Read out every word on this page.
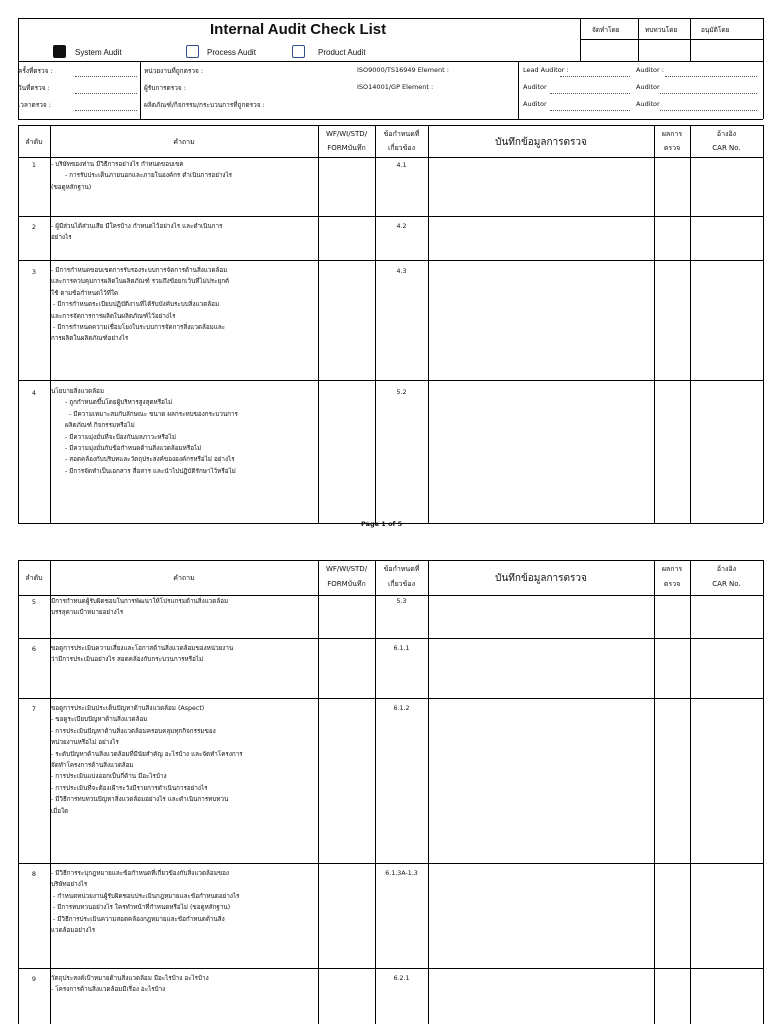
Internal Audit Check List	จัดทำโดย	ทบทวนโดย	อนุมัติโดย
System Audit	Process Audit	Product Audit
ครั้งที่ตรวจ :	หน่วยงานที่ถูกตรวจ :	ISO9000/TS16949 Element :	Lead Auditor :	Auditor :
วันที่ตรวจ :	ผู้รับการตรวจ :	ISO14001/GP Element :	Auditor	Auditor
เวลาตรวจ :	ผลิตภัณฑ์/กิจกรรม/กระบวนการที่ถูกตรวจ :	Auditor	Auditor
ลำดับ	คำถาม
WF/WI/STD/
FORMบันทึก
ข้อกำหนดที่
เกี่ยวข้อง	บันทึกข้อมูลการตรวจ
ผลการ
ตรวจ
อ้างอิง
CAR No.
1	- บริษัทของท่าน มีวิธีการอย่างไร กำหนดขอบเขต
- การรับประเด็นภายนอกและภายในองค์กร ดำเนินการอย่างไร
(ขอดูหลักฐาน)
4.1
2	- ผู้มีส่วนได้ส่วนเสีย มีใครบ้าง กำหนดไว้อย่างไร และดำเนินการ
อย่างไร
4.2
3	- มีการกำหนดขอบเขตการรับรองระบบการจัดการด้านสิ่งแวดล้อม
และการควบคุมการผลิตในผลิตภัณฑ์ รวมถึงข้อยกเว้นที่ไม่ประยุกต์
ใช้ ตามข้อกำหนดไว้ที่ใด
- มีการกำหนดระเบียบปฏิบัติงานที่ได้รับบังคับระบบสิ่งแวดล้อม
และการจัดการการผลิตในผลิตภัณฑ์ไว้อย่างไร
- มีการกำหนดความเชื่อมโยงในระบบการจัดการสิ่งแวดล้อมและ
การผลิตในผลิตภัณฑ์อย่างไร
4.3
4	นโยบายสิ่งแวดล้อม
- ถูกกำหนดขึ้นโดยผู้บริหารสูงสุดหรือไม่
- มีความเหมาะสมกับลักษณะ ขนาด ผลกระทบของกระบวนการ
ผลิตภัณฑ์ กิจกรรมหรือไม่
- มีความมุ่งมั่นที่จะป้องกันมลภาวะหรือไม่
- มีความมุ่งมั่นกับข้อกำหนดด้านสิ่งแวดล้อมหรือไม่
- สอดคล้องกับบริบทและวัตถุประสงค์ขององค์กรหรือไม่ อย่างไร
- มีการจัดทำเป็นเอกสาร สื่อสาร และนำไปปฏิบัติรักษาไว้หรือไม่
5.2
Page 1 of 5
ลำดับ	คำถาม
WF/WI/STD/
FORMบันทึก
ข้อกำหนดที่
เกี่ยวข้อง	บันทึกข้อมูลการตรวจ
ผลการ
ตรวจ
อ้างอิง
CAR No.
5	มีการกำหนดผู้รับผิดชอบในการพัฒนาให้โปรแกรมด้านสิ่งแวดล้อม
บรรลุตามเป้าหมายอย่างไร
5.3
6	ขอดูการประเมินความเสี่ยงและโอกาสด้านสิ่งแวดล้อมของหน่วยงาน
ว่ามีการประเมินอย่างไร สอดคล้องกับกระบวนการหรือไม่
6.1.1
7	ขอดูการประเมินประเด็นปัญหาด้านสิ่งแวดล้อม (Aspect)
- ขอดูระเบียบปัญหาด้านสิ่งแวดล้อม
- การประเมินปัญหาด้านสิ่งแวดล้อมครอบคลุมทุกกิจกรรมของ
หน่วยงานหรือไม่ อย่างไร
- ระดับปัญหาด้านสิ่งแวดล้อมที่มีนัยสำคัญ อะไรบ้าง และจัดทำโครงการ
จัดทำโครงการด้านสิ่งแวดล้อม
- การประเมินแบ่งออกเป็นกี่ด้าน มีอะไรบ้าง
- การประเมินที่จะต้องเฝ้าระวังมีรายการดำเนินการอย่างไร
- มีวิธีการทบทวนปัญหาสิ่งแวดล้อมอย่างไร และดำเนินการทบทวน
เมื่อใด
6.1.2
8	- มีวิธีการระบุกฎหมายและข้อกำหนดที่เกี่ยวข้องกับสิ่งแวดล้อมของ
บริษัทอย่างไร
- กำหนดหน่วยงานผู้รับผิดชอบประเมินกฎหมายและข้อกำหนดอย่างไร
- มีการทบทวนอย่างไร ใครทำหน้าที่กำหนดหรือไม่ (ขอดูหลักฐาน)
- มีวิธีการประเมินความสอดคล้องกฎหมายและข้อกำหนดด้านสิ่ง
แวดล้อมอย่างไร
6.1.3A-1.3
9	วัตถุประสงค์เป้าหมายด้านสิ่งแวดล้อม มีอะไรบ้าง อะไรบ้าง
- โครงการด้านสิ่งแวดล้อมมีเรื่อง อะไรบ้าง
6.2.1
